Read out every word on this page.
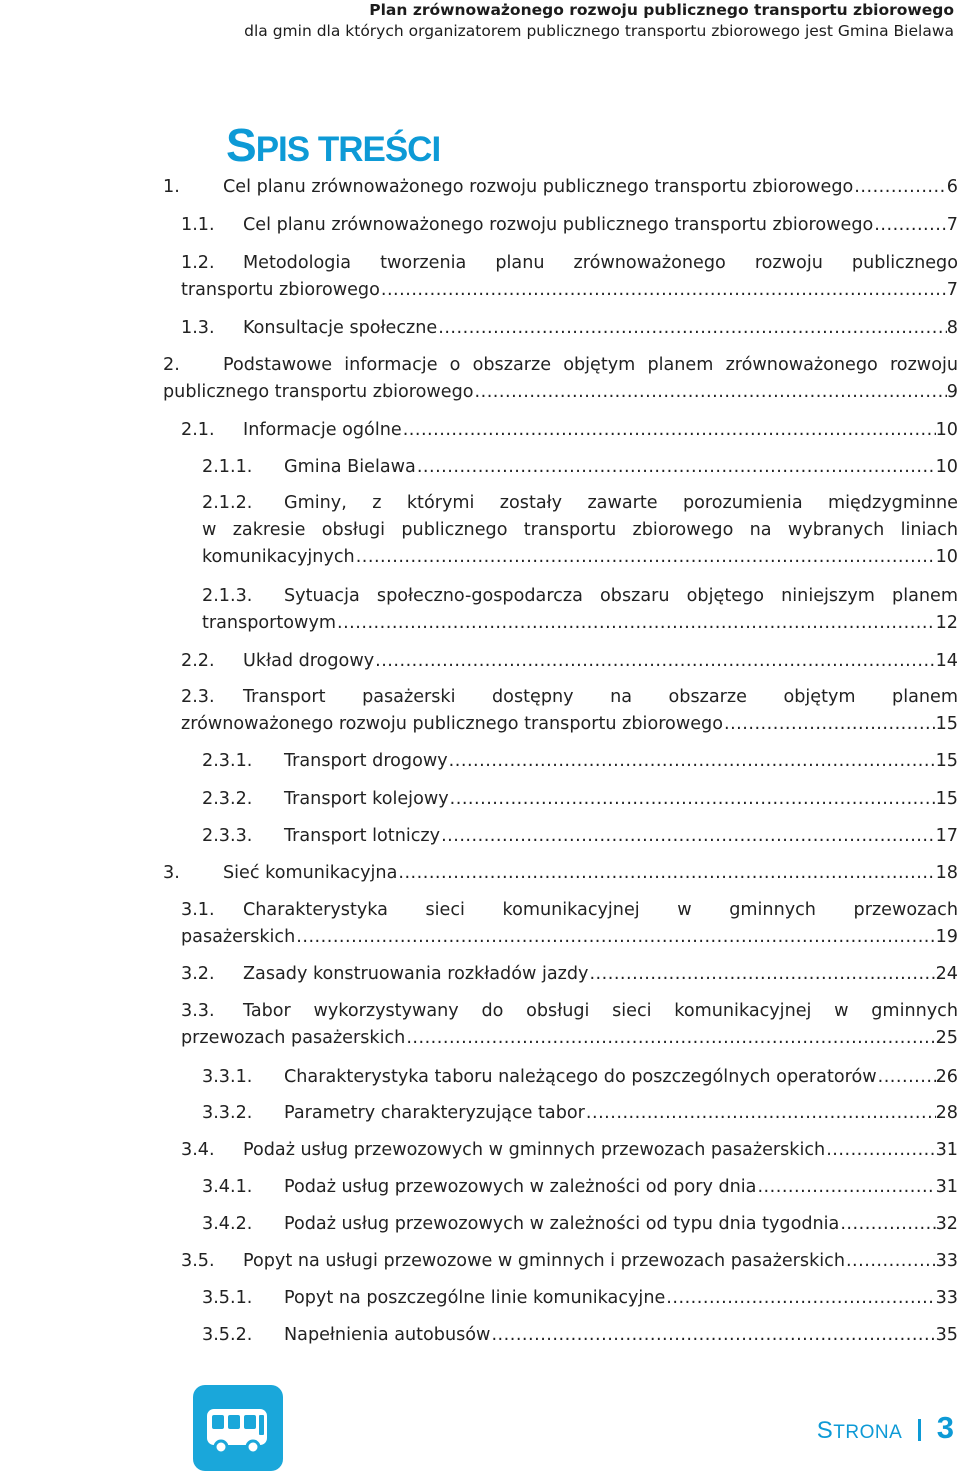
Plan zrównoważonego rozwoju publicznego transportu zbiorowego
dla gmin dla których organizatorem publicznego transportu zbiorowego jest Gmina Bielawa
SPIS TREŚCI
1. Cel planu zrównoważonego rozwoju publicznego transportu zbiorowego .....	6
1.1. Cel planu zrównoważonego rozwoju publicznego transportu zbiorowego .....	7
1.2.	Metodologia tworzenia planu zrównoważonego rozwoju publicznego
transportu zbiorowego .....	7
1.3. Konsultacje społeczne .....	8
2.	Podstawowe informacje o obszarze objętym planem zrównoważonego rozwoju
publicznego transportu zbiorowego .....	9
2.1. Informacje ogólne .....	10
2.1.1. Gmina Bielawa .....	10
2.1.2.	Gminy, z którymi zostały zawarte porozumienia międzygminne
w zakresie obsługi publicznego transportu zbiorowego na wybranych liniach
komunikacyjnych .....	10
2.1.3.	Sytuacja społeczno-gospodarcza obszaru objętego niniejszym planem
transportowym .....	12
2.2. Układ drogowy .....	14
2.3.	Transport pasażerski dostępny na obszarze objętym planem
zrównoważonego rozwoju publicznego transportu zbiorowego .....	15
2.3.1. Transport drogowy .....	15
2.3.2. Transport kolejowy .....	15
2.3.3. Transport lotniczy .....	17
3. Sieć komunikacyjna .....	18
3.1.	Charakterystyka sieci komunikacyjnej w gminnych przewozach
pasażerskich .....	19
3.2. Zasady konstruowania rozkładów jazdy .....	24
3.3.	Tabor wykorzystywany do obsługi sieci komunikacyjnej w gminnych
przewozach pasażerskich .....	25
3.3.1. Charakterystyka taboru należącego do poszczególnych operatorów .....	26
3.3.2. Parametry charakteryzujące tabor .....	28
3.4. Podaż usług przewozowych w gminnych przewozach pasażerskich .....	31
3.4.1. Podaż usług przewozowych w zależności od pory dnia .....	31
3.4.2. Podaż usług przewozowych w zależności od typu dnia tygodnia .....	32
3.5. Popyt na usługi przewozowe w gminnych i przewozach pasażerskich .....	33
3.5.1. Popyt na poszczególne linie komunikacyjne .....	33
3.5.2. Napełnienia autobusów .....	35
STRONA 3
